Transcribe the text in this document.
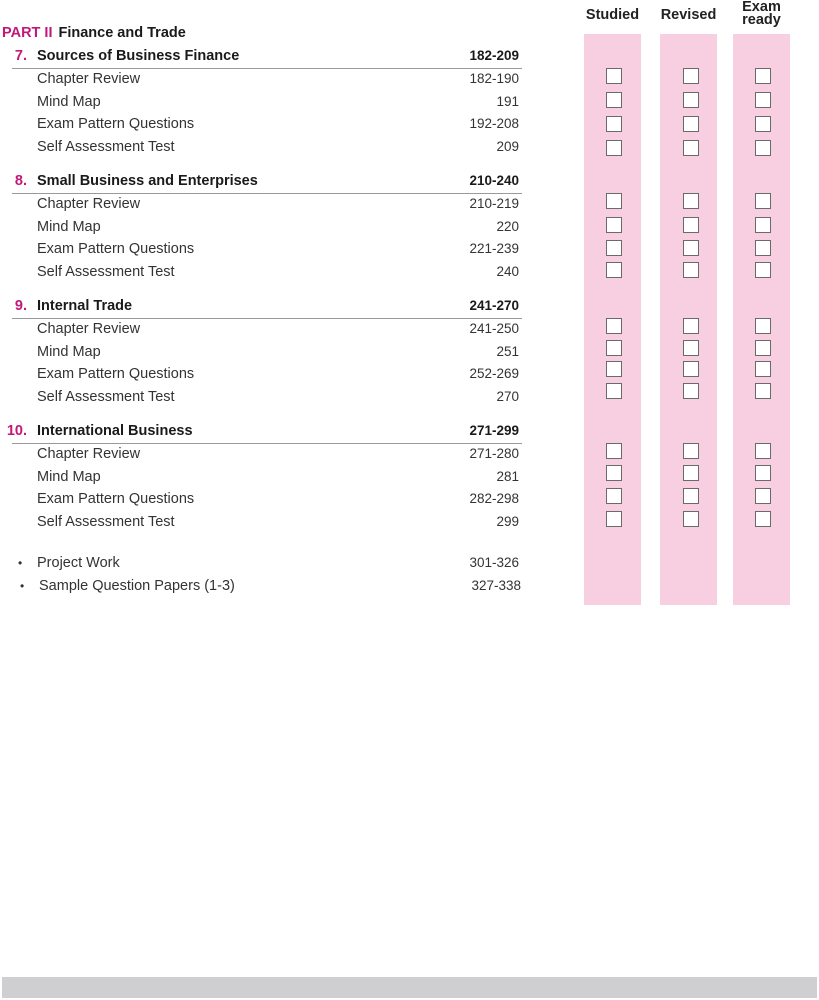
Studied	Revised	Exam
ready
PART II Finance and Trade
7. Sources of Business Finance	182-209
Chapter Review	182-190
Mind Map	191
Exam Pattern Questions	192-208
Self Assessment Test	209
8. Small Business and Enterprises	210-240
Chapter Review	210-219
Mind Map	220
Exam Pattern Questions	221-239
Self Assessment Test	240
9. Internal Trade	241-270
Chapter Review	241-250
Mind Map	251
Exam Pattern Questions	252-269
Self Assessment Test	270
10. International Business	271-299
Chapter Review	271-280
Mind Map	281
Exam Pattern Questions	282-298
Self Assessment Test	299
• Project Work	301-326
• Sample Question Papers (1-3)	327-338
